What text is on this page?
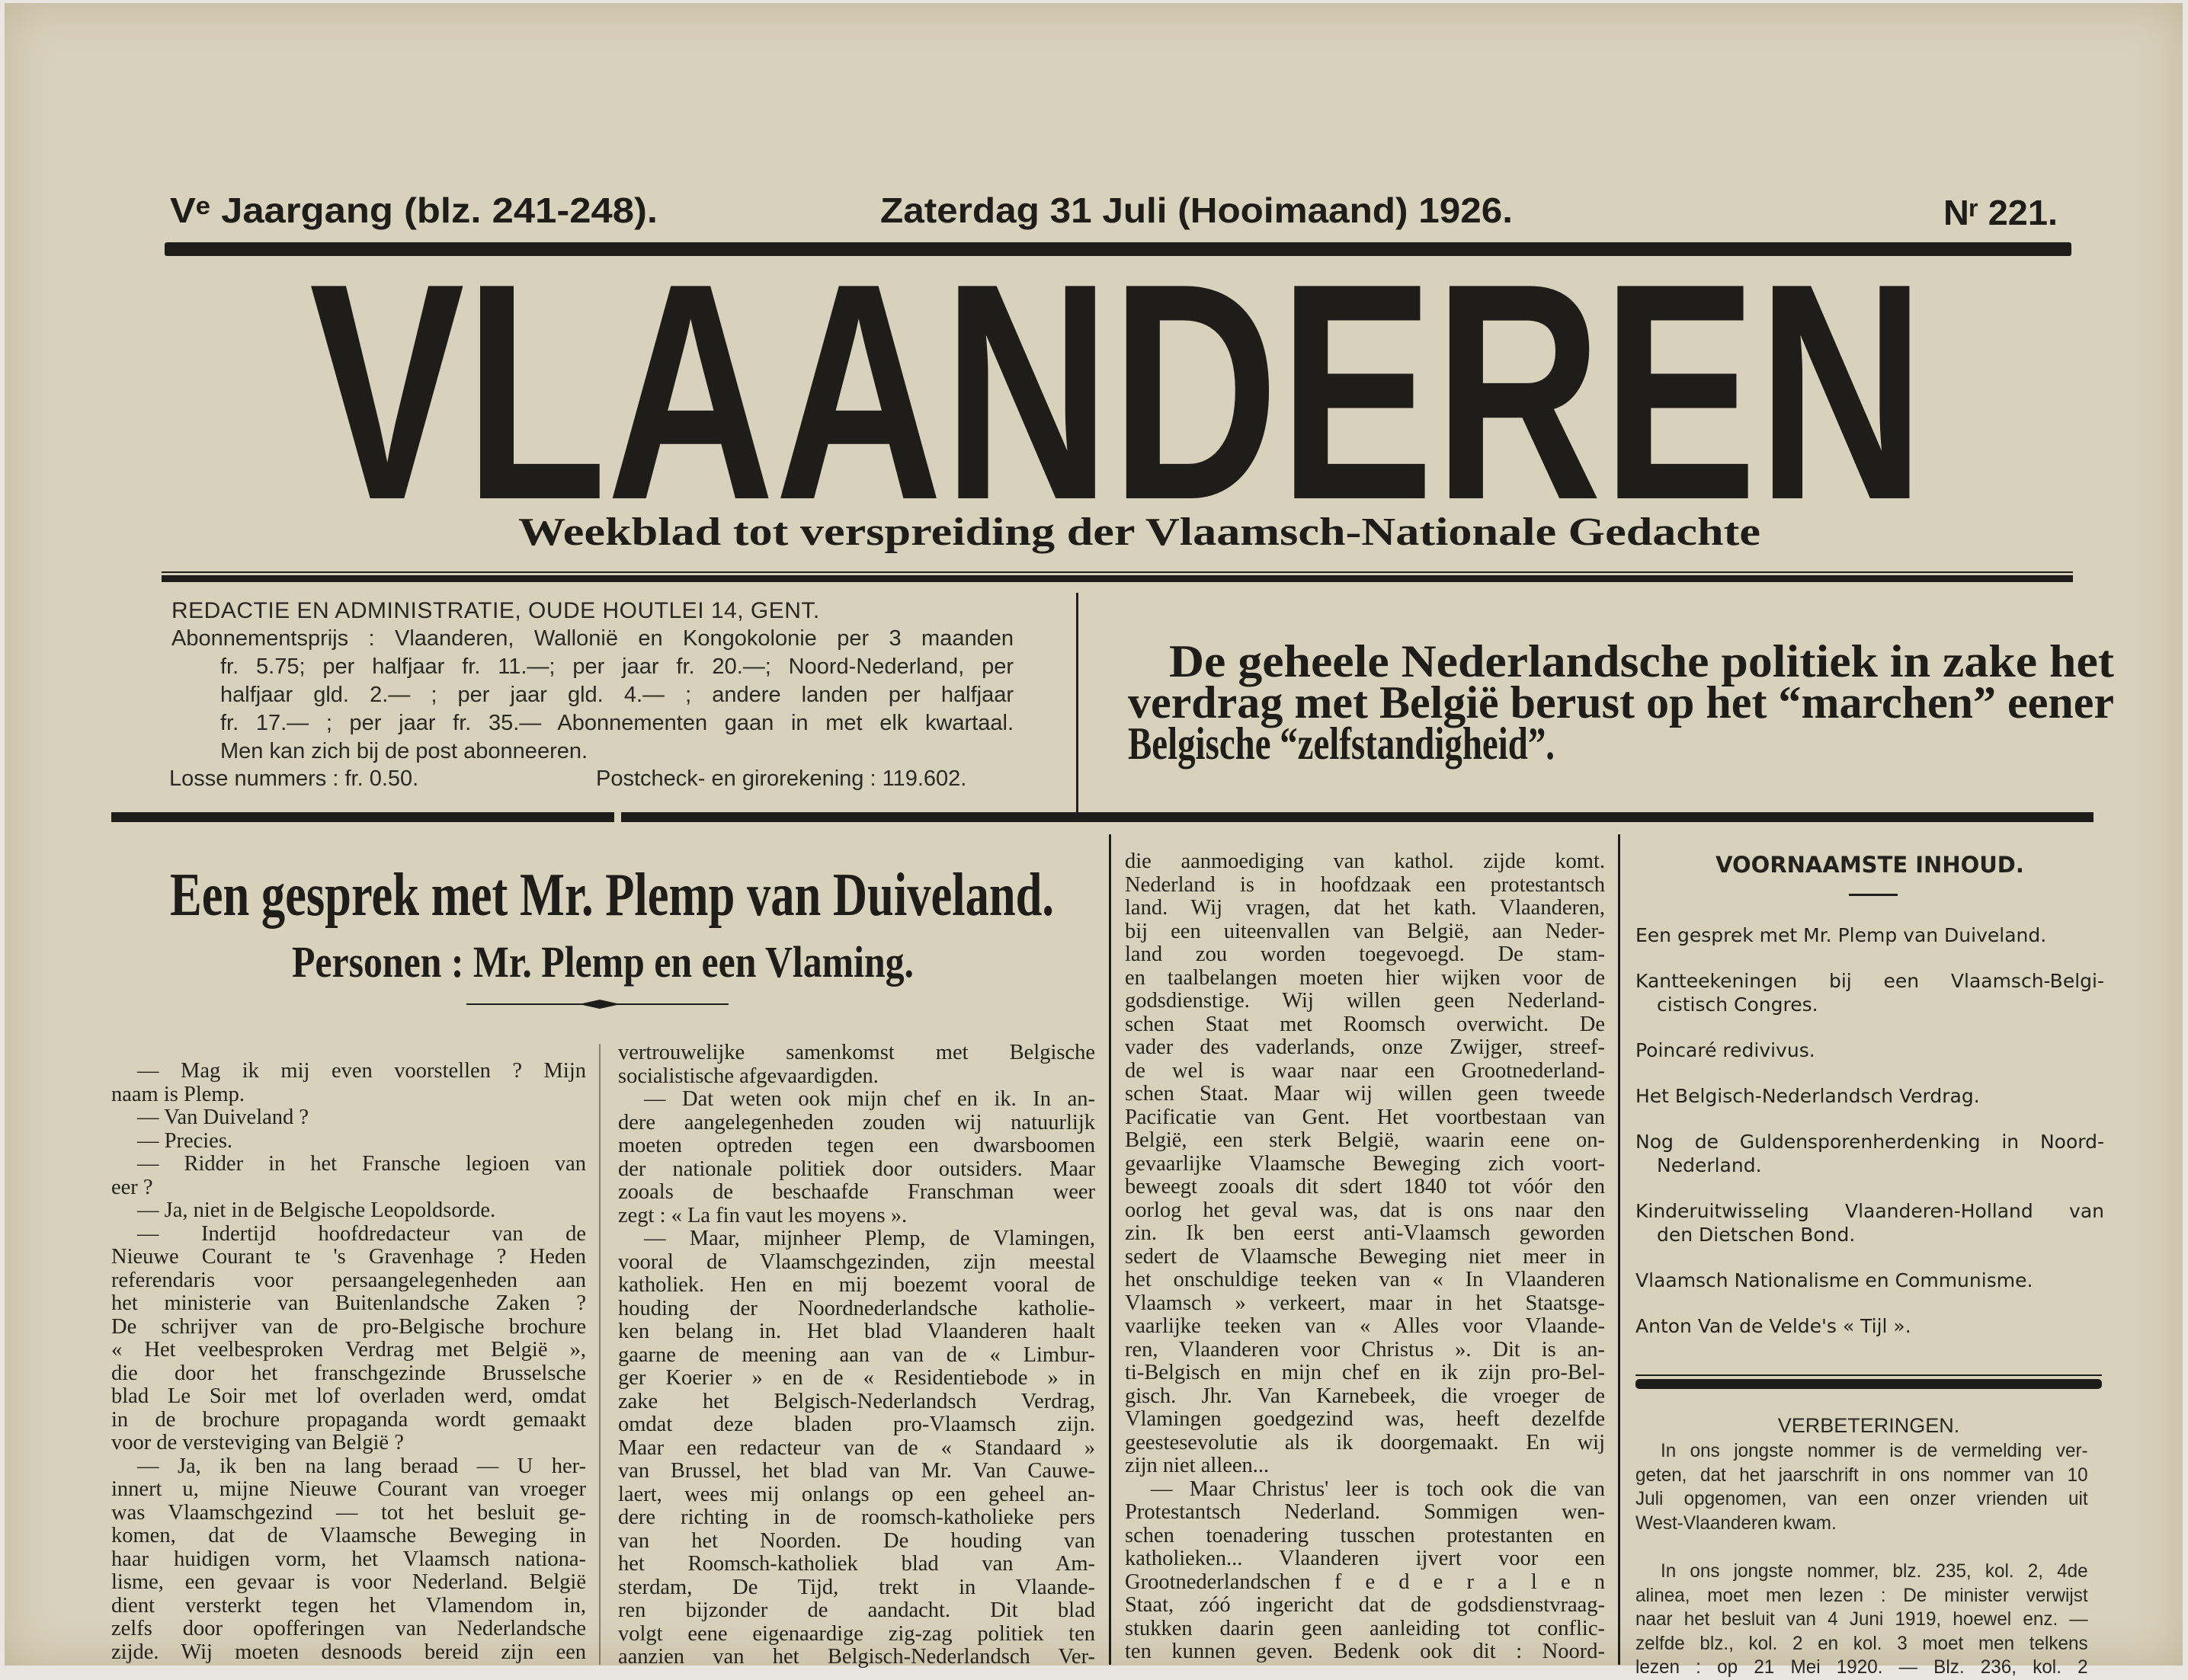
Vᵉ Jaargang (blz. 241-248).	Zaterdag 31 Juli (Hooimaand) 1926.	Nʳ 221.
VLAANDEREN
Weekblad tot verspreiding der Vlaamsch-Nationale Gedachte
REDACTIE EN ADMINISTRATIE, OUDE HOUTLEI 14, GENT.
Abonnementsprijs : Vlaanderen, Wallonië en Kongokolonie per 3 maanden
fr. 5.75; per halfjaar fr. 11.—; per jaar fr. 20.—; Noord-Nederland, per
halfjaar gld. 2.— ; per jaar gld. 4.— ; andere landen per halfjaar
fr. 17.— ; per jaar fr. 35.— Abonnementen gaan in met elk kwartaal.
Men kan zich bij de post abonneeren.
Losse nummers : fr. 0.50.	Postcheck- en girorekening : 119.602.
De geheele Nederlandsche politiek in zake het
verdrag met België berust op het “marchen” eener
Belgische “zelfstandigheid”.
Een gesprek met Mr. Plemp van Duiveland.
Personen : Mr. Plemp en een Vlaming.
— Mag ik mij even voorstellen ? Mijn
naam is Plemp.
— Van Duiveland ?
— Precies.
— Ridder in het Fransche legioen van
eer ?
— Ja, niet in de Belgische Leopoldsorde.
— Indertijd hoofdredacteur van de
Nieuwe Courant te 's Gravenhage ? Heden
referendaris voor persaangelegenheden aan
het ministerie van Buitenlandsche Zaken ?
De schrijver van de pro-Belgische brochure
« Het veelbesproken Verdrag met België »,
die door het franschgezinde Brusselsche
blad Le Soir met lof overladen werd, omdat
in de brochure propaganda wordt gemaakt
voor de versteviging van België ?
— Ja, ik ben na lang beraad — U her-
innert u, mijne Nieuwe Courant van vroeger
was Vlaamschgezind — tot het besluit ge-
komen, dat de Vlaamsche Beweging in
haar huidigen vorm, het Vlaamsch nationa-
lisme, een gevaar is voor Nederland. België
dient versterkt tegen het Vlamendom in,
zelfs door opofferingen van Nederlandsche
zijde. Wij moeten desnoods bereid zijn een
vertrouwelijke samenkomst met Belgische
socialistische afgevaardigden.
— Dat weten ook mijn chef en ik. In an-
dere aangelegenheden zouden wij natuurlijk
moeten optreden tegen een dwarsboomen
der nationale politiek door outsiders. Maar
zooals de beschaafde Franschman weer
zegt : « La fin vaut les moyens ».
— Maar, mijnheer Plemp, de Vlamingen,
vooral de Vlaamschgezinden, zijn meestal
katholiek. Hen en mij boezemt vooral de
houding der Noordnederlandsche katholie-
ken belang in. Het blad Vlaanderen haalt
gaarne de meening aan van de « Limbur-
ger Koerier » en de « Residentiebode » in
zake het Belgisch-Nederlandsch Verdrag,
omdat deze bladen pro-Vlaamsch zijn.
Maar een redacteur van de « Standaard »
van Brussel, het blad van Mr. Van Cauwe-
laert, wees mij onlangs op een geheel an-
dere richting in de roomsch-katholieke pers
van het Noorden. De houding van
het Roomsch-katholiek blad van Am-
sterdam, De Tijd, trekt in Vlaande-
ren bijzonder de aandacht. Dit blad
volgt eene eigenaardige zig-zag politiek ten
aanzien van het Belgisch-Nederlandsch Ver-
die aanmoediging van kathol. zijde komt.
Nederland is in hoofdzaak een protestantsch
land. Wij vragen, dat het kath. Vlaanderen,
bij een uiteenvallen van België, aan Neder-
land zou worden toegevoegd. De stam-
en taalbelangen moeten hier wijken voor de
godsdienstige. Wij willen geen Nederland-
schen Staat met Roomsch overwicht. De
vader des vaderlands, onze Zwijger, streef-
de wel is waar naar een Grootnederland-
schen Staat. Maar wij willen geen tweede
Pacificatie van Gent. Het voortbestaan van
België, een sterk België, waarin eene on-
gevaarlijke Vlaamsche Beweging zich voort-
beweegt zooals dit sdert 1840 tot vóór den
oorlog het geval was, dat is ons naar den
zin. Ik ben eerst anti-Vlaamsch geworden
sedert de Vlaamsche Beweging niet meer in
het onschuldige teeken van « In Vlaanderen
Vlaamsch » verkeert, maar in het Staatsge-
vaarlijke teeken van « Alles voor Vlaande-
ren, Vlaanderen voor Christus ». Dit is an-
ti-Belgisch en mijn chef en ik zijn pro-Bel-
gisch. Jhr. Van Karnebeek, die vroeger de
Vlamingen goedgezind was, heeft dezelfde
geestesevolutie als ik doorgemaakt. En wij
zijn niet alleen...
— Maar Christus' leer is toch ook die van
Protestantsch Nederland. Sommigen wen-
schen toenadering tusschen protestanten en
katholieken... Vlaanderen ijvert voor een
Grootnederlandschen f e d e r a l e n
Staat, zóó ingericht dat de godsdienstvraag-
stukken daarin geen aanleiding tot conflic-
ten kunnen geven. Bedenk ook dit : Noord-
VOORNAAMSTE INHOUD.
Een gesprek met Mr. Plemp van Duiveland.
Kantteekeningen bij een Vlaamsch-Belgi-
cistisch Congres.
Poincaré redivivus.
Het Belgisch-Nederlandsch Verdrag.
Nog de Guldensporenherdenking in Noord-
Nederland.
Kinderuitwisseling Vlaanderen-Holland van
den Dietschen Bond.
Vlaamsch Nationalisme en Communisme.
Anton Van de Velde's « Tijl ».
VERBETERINGEN.
In ons jongste nommer is de vermelding ver-
geten, dat het jaarschrift in ons nommer van 10
Juli opgenomen, van een onzer vrienden uit
West-Vlaanderen kwam.
In ons jongste nommer, blz. 235, kol. 2, 4de
alinea, moet men lezen : De minister verwijst
naar het besluit van 4 Juni 1919, hoewel enz. —
zelfde blz., kol. 2 en kol. 3 moet men telkens
lezen : op 21 Mei 1920. — Blz. 236, kol. 2
